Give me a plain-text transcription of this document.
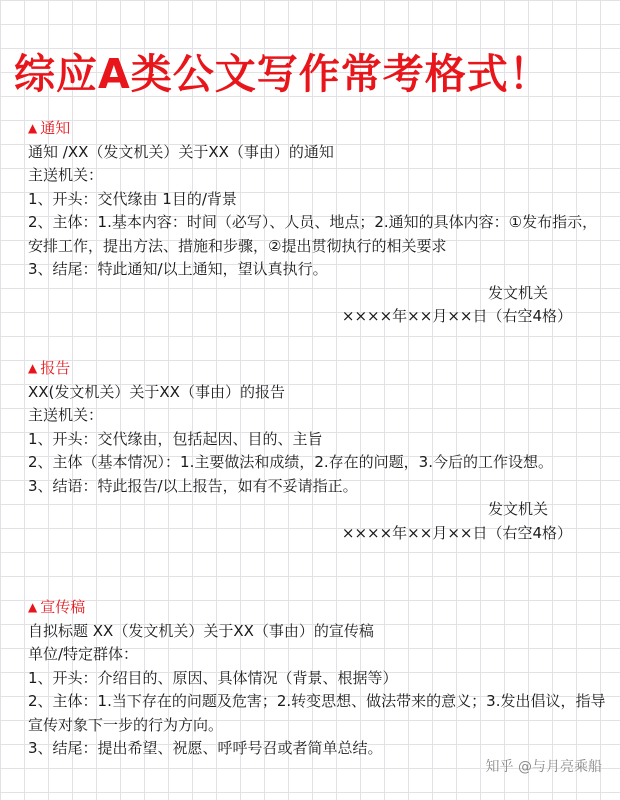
综应A类公文写作常考格式！
▲ 通知
通知 /XX（发文机关）关于XX（事由）的通知
主送机关：
1、开头：交代缘由 1目的/背景
2、主体：1.基本内容：时间（必写）、人员、地点；2.通知的具体内容：①发布指示，安排工作，提出方法、措施和步骤，②提出贯彻执行的相关要求
3、结尾：特此通知/以上通知，望认真执行。
发文机关
××××年××月××日（右空4格）
▲ 报告
XX(发文机关）关于XX（事由）的报告
主送机关：
1、开头：交代缘由，包括起因、目的、主旨
2、主体（基本情况）：1.主要做法和成绩，2.存在的问题，3.今后的工作设想。
3、结语：特此报告/以上报告，如有不妥请指正。
发文机关
××××年××月××日（右空4格）
▲ 宣传稿
自拟标题 XX（发文机关）关于XX（事由）的宣传稿
单位/特定群体：
1、开头：介绍目的、原因、具体情况（背景、根据等）
2、主体：1.当下存在的问题及危害；2.转变思想、做法带来的意义；3.发出倡议，指导宣传对象下一步的行为方向。
3、结尾：提出希望、祝愿、呼呼号召或者简单总结。
知乎 @与月亮乘船
